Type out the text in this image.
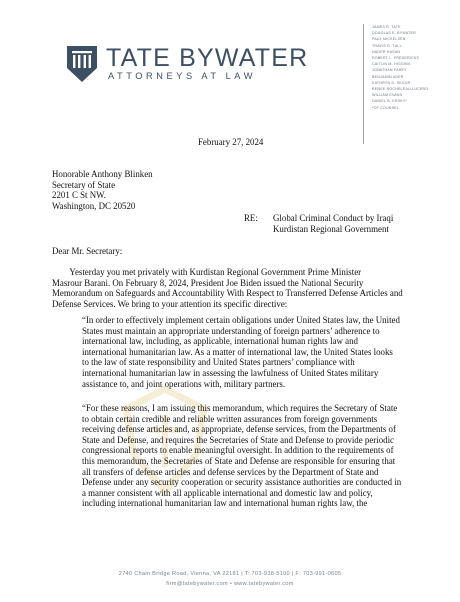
TATE BYWATER
ATTORNEYS AT LAW
JAMES R. TATE
DOUGLAS E. BYWATER
PAUL MICKELSEN
TRAVIS D. TULL
NADER HASAN
ROBERT L. FREDERICKS
CAITLIN M. HIGGINS
JONATHAN FAHEY
BENJAMIN ADER
KATHRYN D. SKGUR
RENEE ROCHELEAU-LUCERO
WILLIAM EVANS
DANIEL B. KRSKY*
*OF COUNSEL
February 27, 2024
Honorable Anthony Blinken
Secretary of State
2201 C St NW.
Washington, DC 20520
RE: Global Criminal Conduct by Iraqi
Kurdistan Regional Government
Dear Mr. Secretary:
Yesterday you met privately with Kurdistan Regional Government Prime Minister
Masrour Barani. On February 8, 2024, President Joe Biden issued the National Security
Memorandum on Safeguards and Accountability With Respect to Transferred Defense Articles and
Defense Services. We bring to your attention its specific directive:
“In order to effectively implement certain obligations under United States law, the United
States must maintain an appropriate understanding of foreign partners’ adherence to
international law, including, as applicable, international human rights law and
international humanitarian law. As a matter of international law, the United States looks
to the law of state responsibility and United States partners’ compliance with
international humanitarian law in assessing the lawfulness of United States military
assistance to, and joint operations with, military partners.
“For these reasons, I am issuing this memorandum, which requires the Secretary of State
to obtain certain credible and reliable written assurances from foreign governments
receiving defense articles and, as appropriate, defense services, from the Departments of
State and Defense, and requires the Secretaries of State and Defense to provide periodic
congressional reports to enable meaningful oversight. In addition to the requirements of
this memorandum, the Secretaries of State and Defense are responsible for ensuring that
all transfers of defense articles and defense services by the Department of State and
Defense under any security cooperation or security assistance authorities are conducted in
a manner consistent with all applicable international and domestic law and policy,
including international humanitarian law and international human rights law, the
2740 Chain Bridge Road, Vienna, VA 22181 | T: 703-938-5100 | F: 703-991-0605
firm@tatebywater.com • www.tatebywater.com
